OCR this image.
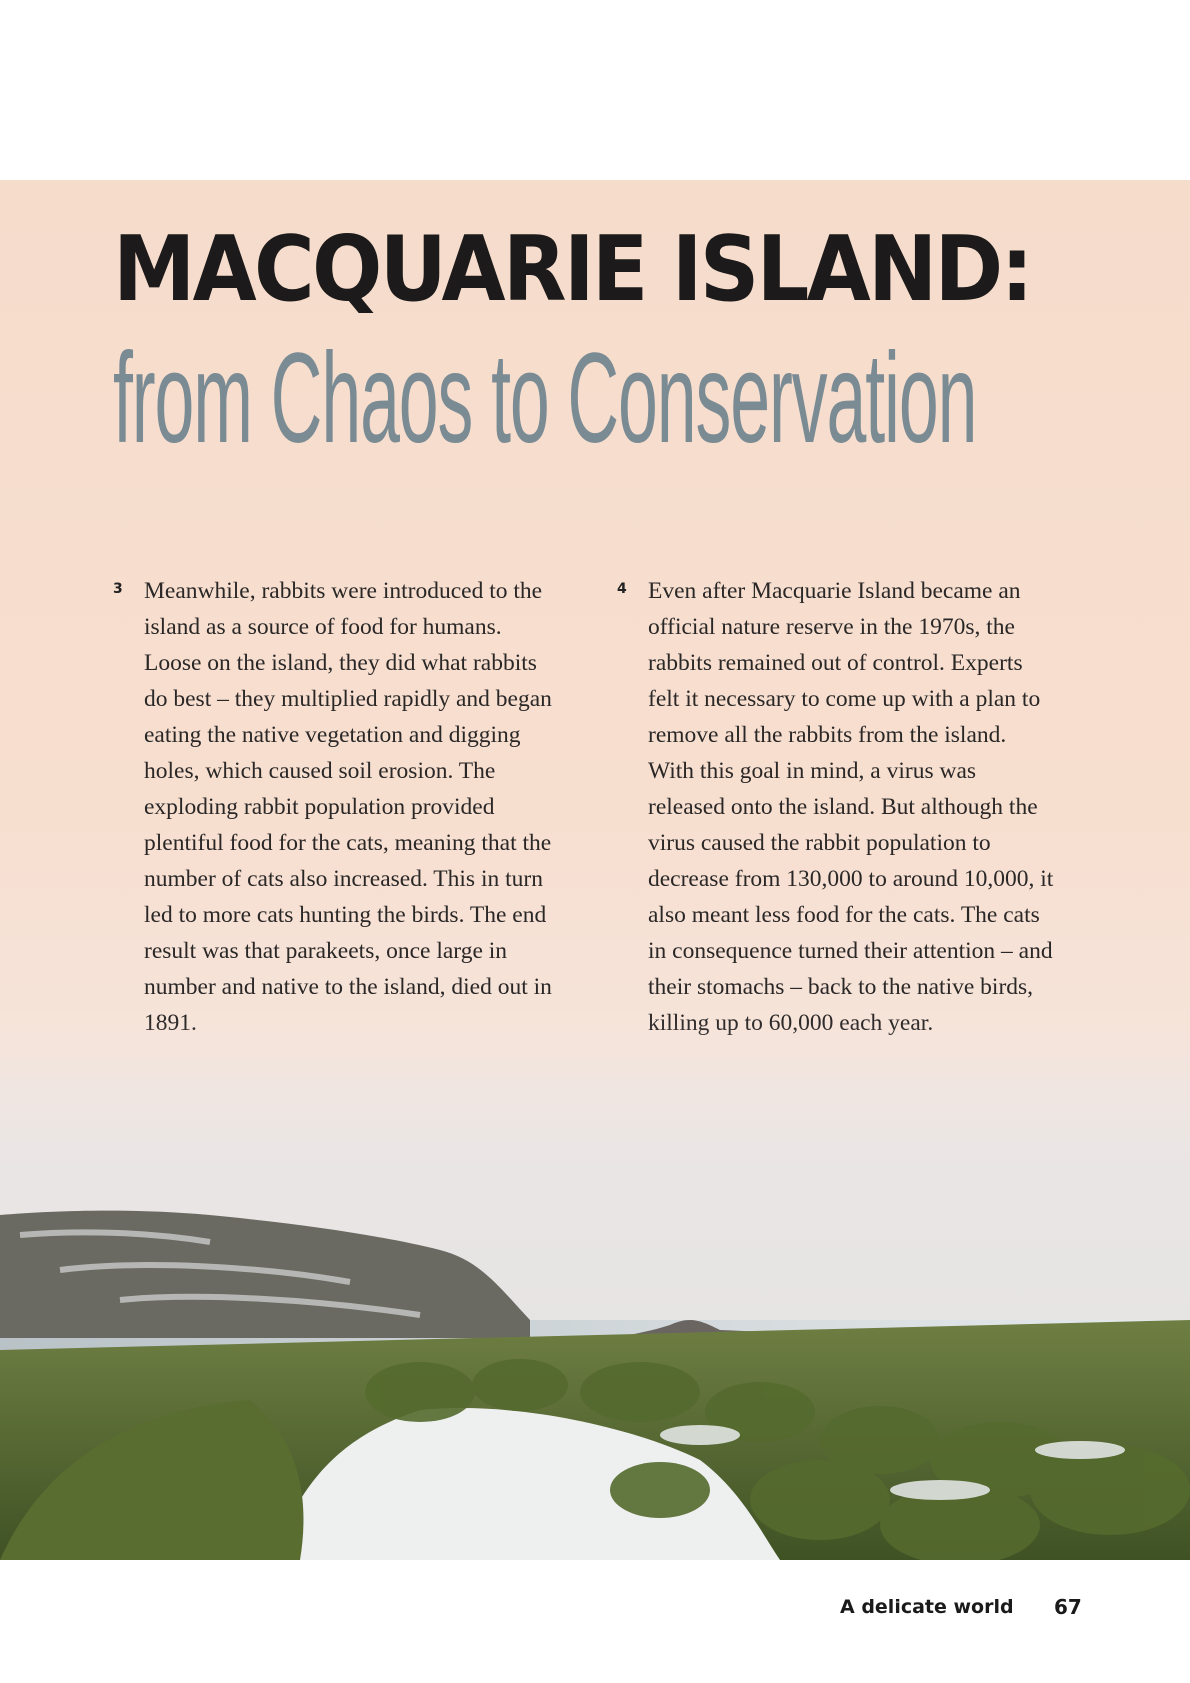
MACQUARIE ISLAND:
from Chaos to Conservation
3 Meanwhile, rabbits were introduced to the island as a source of food for humans. Loose on the island, they did what rabbits do best – they multiplied rapidly and began eating the native vegetation and digging holes, which caused soil erosion. The exploding rabbit population provided plentiful food for the cats, meaning that the number of cats also increased. This in turn led to more cats hunting the birds. The end result was that parakeets, once large in number and native to the island, died out in

4 Even after Macquarie Island became an official nature reserve in the 1970s, the rabbits remained out of control. Experts felt it necessary to come up with a plan to remove all the rabbits from the island. With this goal in mind, a virus was released onto the island. But although the virus caused the rabbit population to decrease from 130,000 to around 10,000, it also meant less food for the cats. The cats in consequence turned their attention – and their stomachs – back to the native birds,

A delicate world 67
